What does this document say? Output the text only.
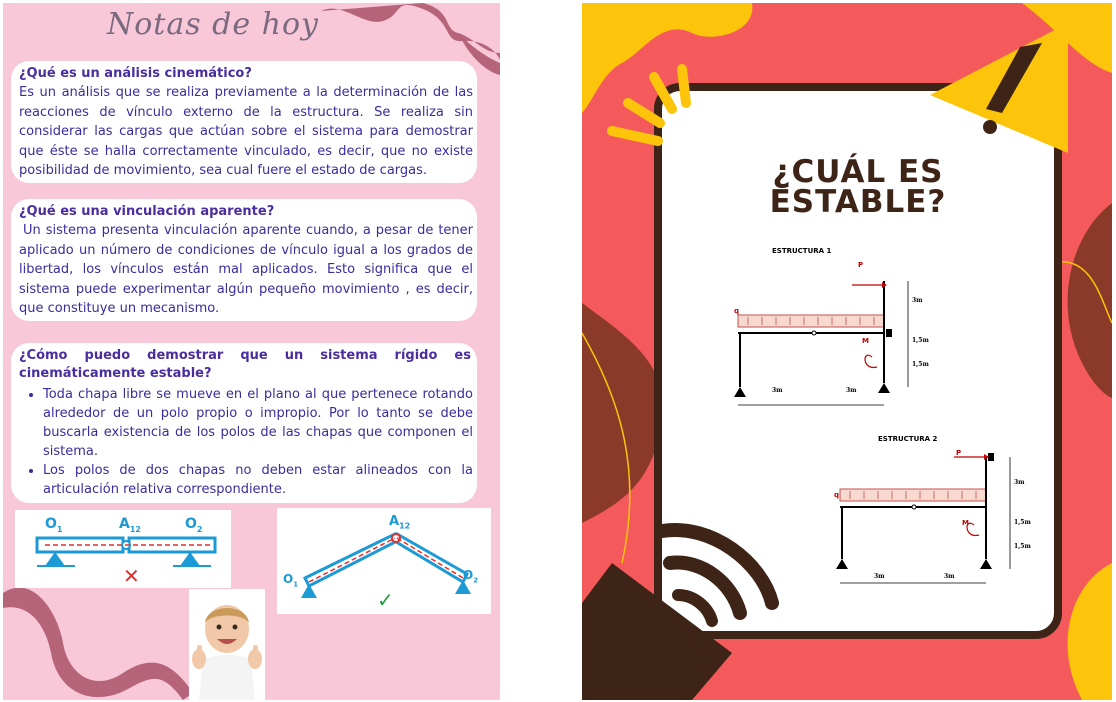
Notas de hoy
¿Qué es un análisis cinemático?
Es un análisis que se realiza previamente a la determinación de las reacciones de vínculo externo de la estructura. Se realiza sin considerar las cargas que actúan sobre el sistema para demostrar que éste se halla correctamente vinculado, es decir, que no existe posibilidad de movimiento, sea cual fuere el estado de cargas.
¿Qué es una vinculación aparente?
Un sistema presenta vinculación aparente cuando, a pesar de tener aplicado un número de condiciones de vínculo igual a los grados de libertad, los vínculos están mal aplicados. Esto significa que el sistema puede experimentar algún pequeño movimiento , es decir, que constituye un mecanismo.
¿Cómo puedo demostrar que un sistema rígido es cinemáticamente estable?
• Toda chapa libre se mueve en el plano al que pertenece rotando alrededor de un polo propio o impropio. Por lo tanto se debe buscarla existencia de los polos de las chapas que componen el sistema.
• Los polos de dos chapas no deben estar alineados con la articulación relativa correspondiente.
$O_1$	$A_{12}$	$O_2$
✕
$A_{12}$
$O_1$
$O_2$
✓
¿CUÁL ES
ESTABLE?
ESTRUCTURA 1
q
P
M
3m
1,5m
1,5m
3m	3m
ESTRUCTURA 2
q
P
M
3m
1,5m
1,5m
3m	3m
